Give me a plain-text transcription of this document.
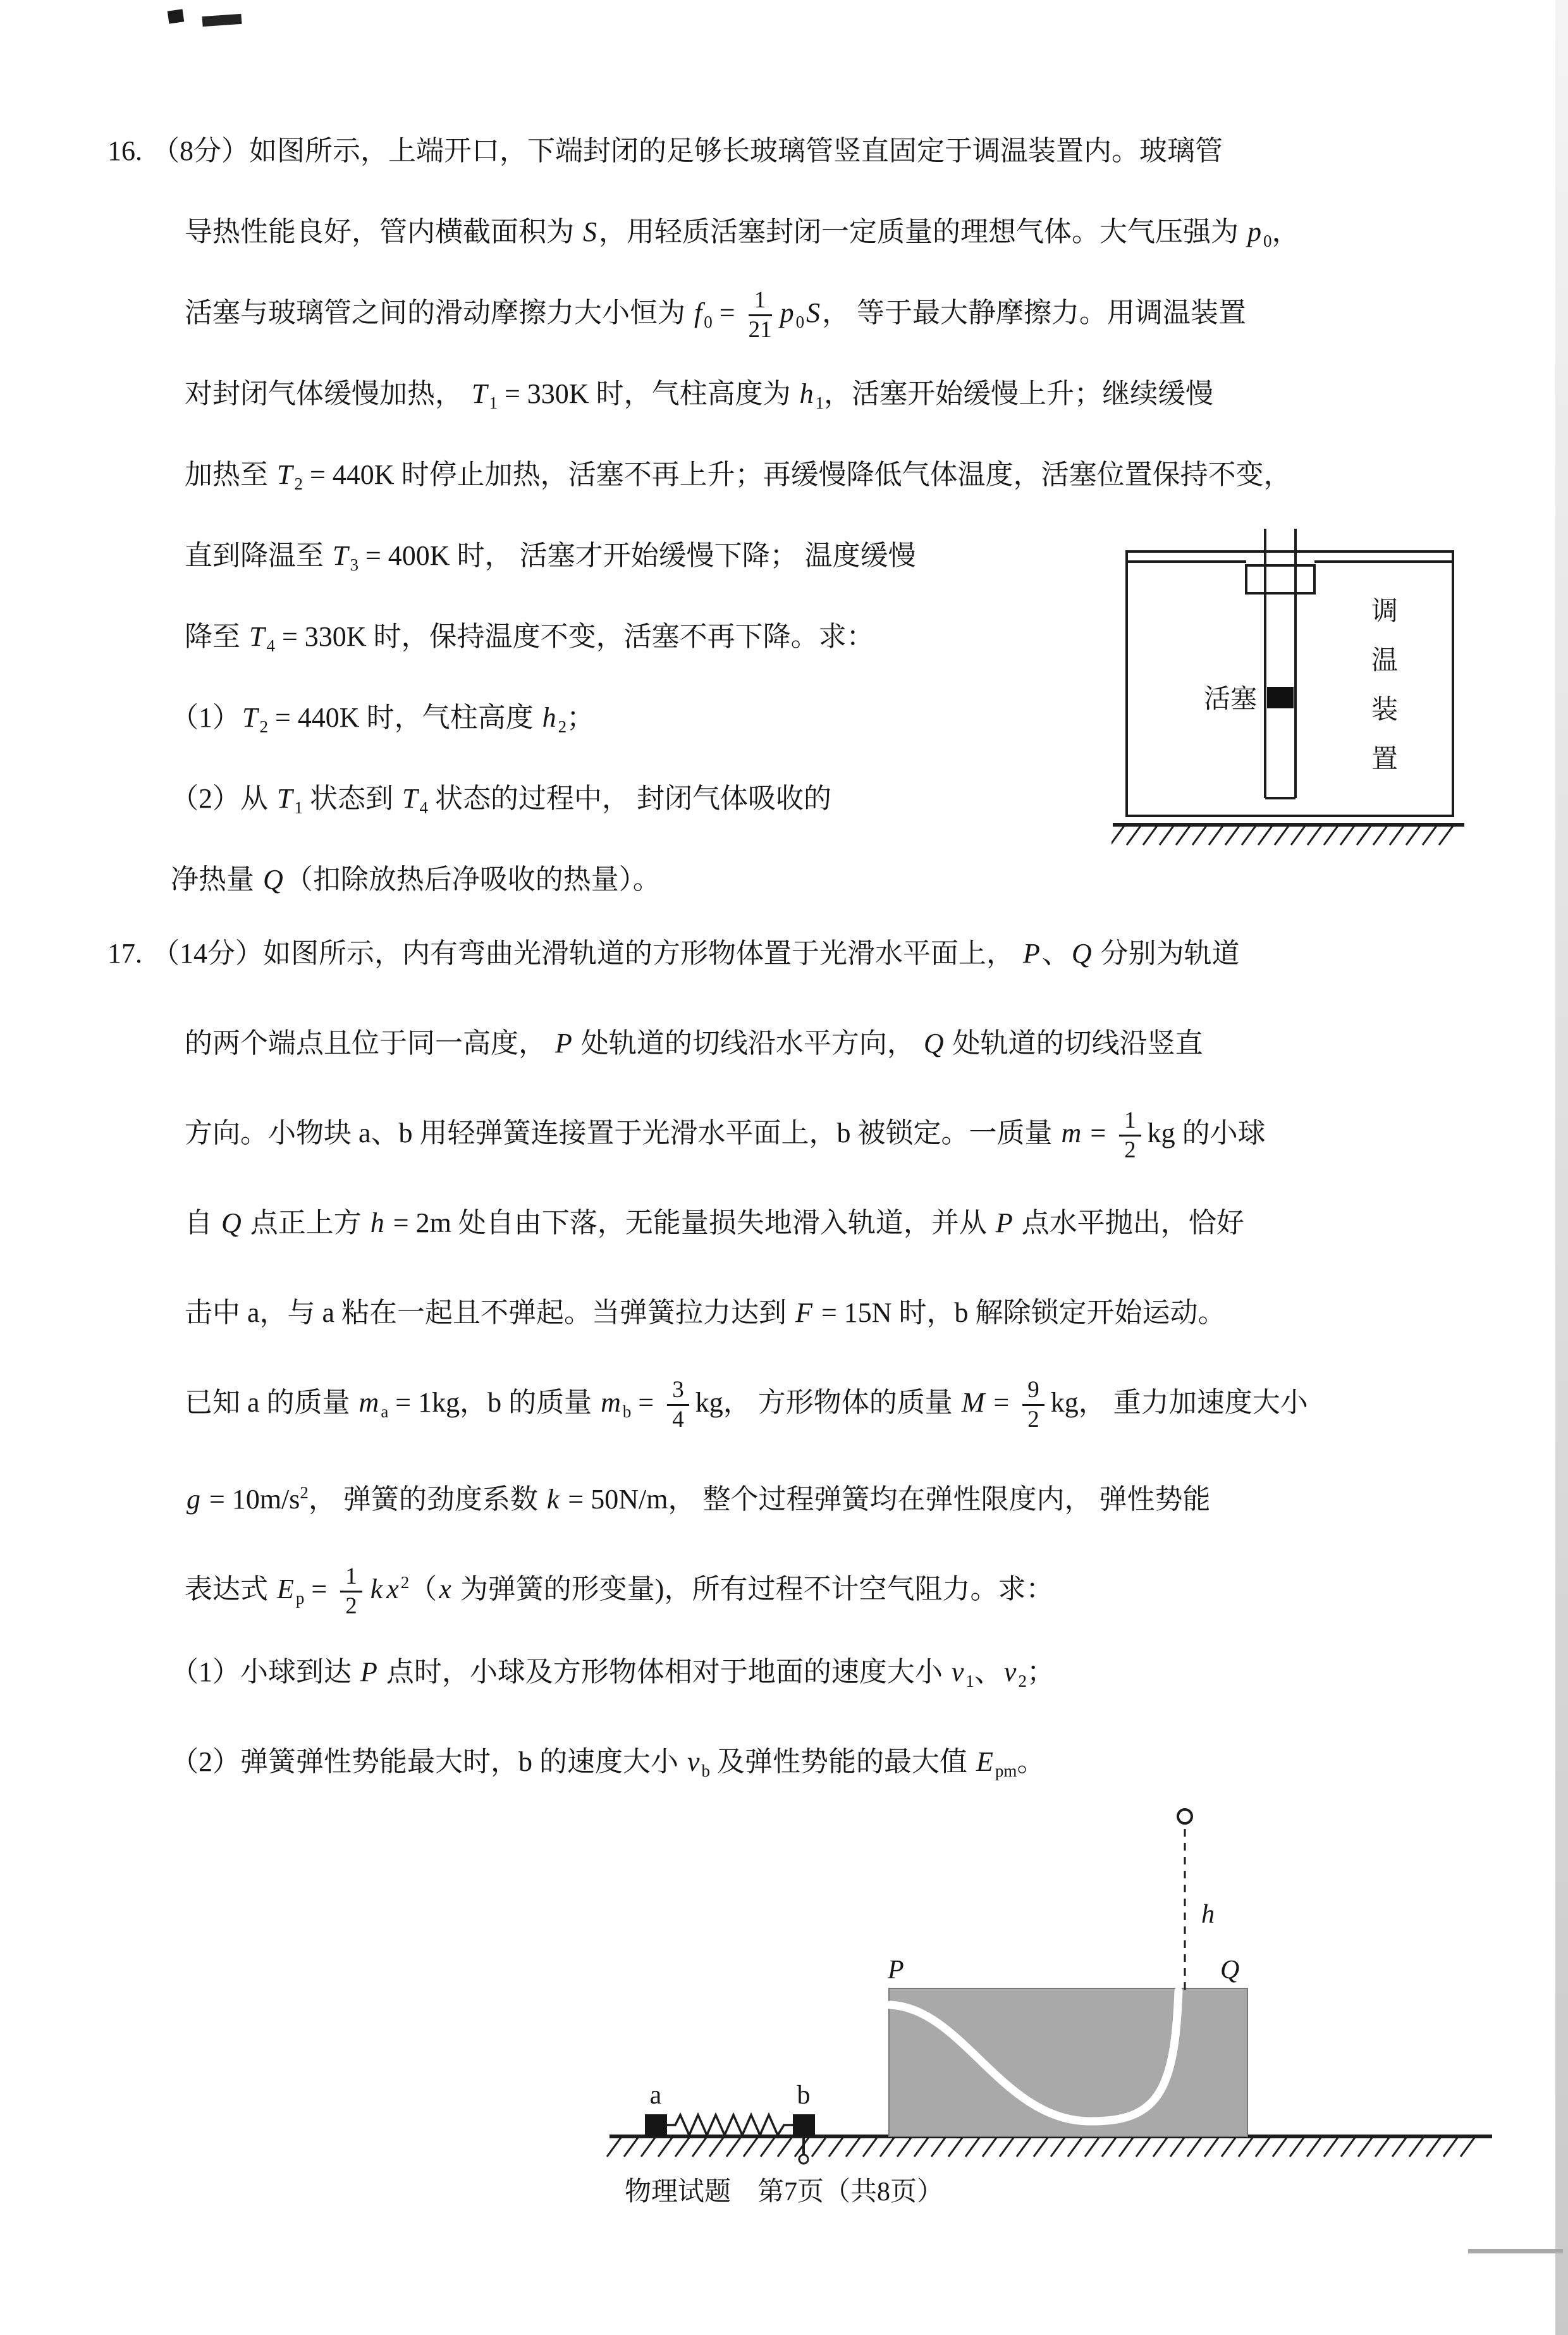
16. （8分）如图所示，上端开口，下端封闭的足够长玻璃管竖直固定于调温装置内。玻璃管
导热性能良好，管内横截面积为 S，用轻质活塞封闭一定质量的理想气体。大气压强为 p $_0$，
活塞与玻璃管之间的滑动摩擦力大小恒为 f $_0 = \frac{1}{21}$ p $_0$S， 等于最大静摩擦力。用调温装置
对封闭气体缓慢加热， T $_1$ = 330K 时，气柱高度为 h $_1$，活塞开始缓慢上升；继续缓慢
加热至 T $_2$ = 440K 时停止加热，活塞不再上升；再缓慢降低气体温度，活塞位置保持不变，
直到降温至 T $_3$ = 400K 时， 活塞才开始缓慢下降； 温度缓慢
降至 T $_4$ = 330K 时，保持温度不变，活塞不再下降。求：
（1）T $_2$ = 440K 时，气柱高度 h $_2$；
（2）从 T $_1$ 状态到 T $_4$ 状态的过程中， 封闭气体吸收的
净热量 Q（扣除放热后净吸收的热量）。
活塞
调
温
装
置
17. （14分）如图所示，内有弯曲光滑轨道的方形物体置于光滑水平面上， P、Q 分别为轨道
的两个端点且位于同一高度， P 处轨道的切线沿水平方向， Q 处轨道的切线沿竖直
方向。小物块 a、b 用轻弹簧连接置于光滑水平面上，b 被锁定。一质量 $m = \frac{1}{2}$ kg 的小球
自 Q 点正上方 h = 2m 处自由下落，无能量损失地滑入轨道，并从 P 点水平抛出，恰好
击中 a，与 a 粘在一起且不弹起。当弹簧拉力达到 F = 15N 时，b 解除锁定开始运动。
已知 a 的质量 m $_a$ = 1kg，b 的质量 m $_b = \frac{3}{4}$ kg， 方形物体的质量 $M = \frac{9}{2}$ kg， 重力加速度大小
$g = 10m/s^2$， 弹簧的劲度系数 k = 50N/m， 整个过程弹簧均在弹性限度内， 弹性势能
表达式 E $_p = \frac{1}{2}$ k x $^2$（x 为弹簧的形变量)，所有过程不计空气阻力。求：
（1）小球到达 P 点时，小球及方形物体相对于地面的速度大小 v $_1$、v $_2$；
（2）弹簧弹性势能最大时，b 的速度大小 v $_b$ 及弹性势能的最大值 E $_{pm}$。
h
P	Q
a	b
物理试题　第7页（共8页）
